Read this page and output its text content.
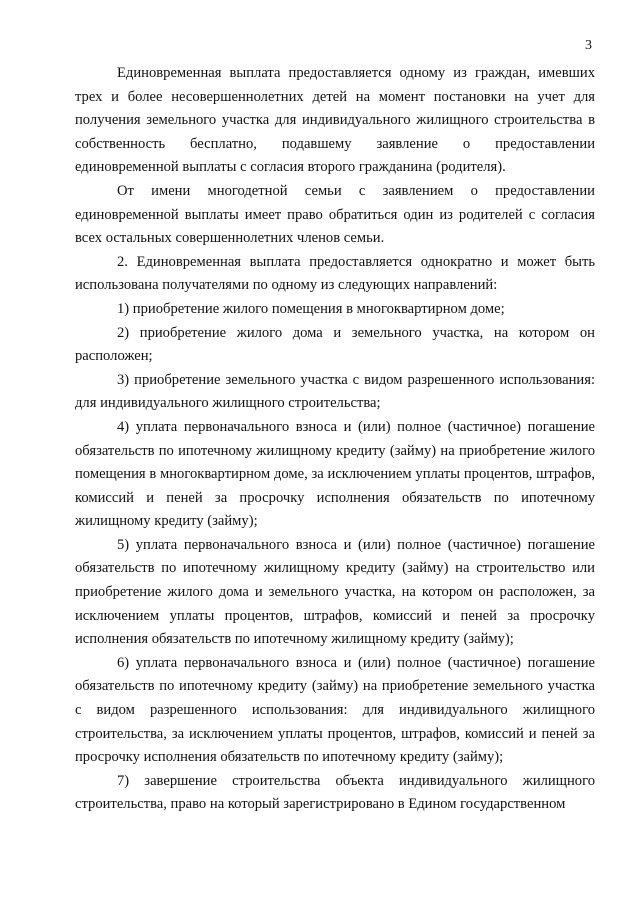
3

Единовременная выплата предоставляется одному из граждан, имевших трех и более несовершеннолетних детей на момент постановки на учет для получения земельного участка для индивидуального жилищного строительства в собственность бесплатно, подавшему заявление о предоставлении единовременной выплаты с согласия второго гражданина (родителя).

От имени многодетной семьи с заявлением о предоставлении единовременной выплаты имеет право обратиться один из родителей с согласия всех остальных совершеннолетних членов семьи.

2. Единовременная выплата предоставляется однократно и может быть использована получателями по одному из следующих направлений:

1) приобретение жилого помещения в многоквартирном доме;

2) приобретение жилого дома и земельного участка, на котором он расположен;

3) приобретение земельного участка с видом разрешенного использования: для индивидуального жилищного строительства;

4) уплата первоначального взноса и (или) полное (частичное) погашение обязательств по ипотечному жилищному кредиту (займу) на приобретение жилого помещения в многоквартирном доме, за исключением уплаты процентов, штрафов, комиссий и пеней за просрочку исполнения обязательств по ипотечному жилищному кредиту (займу);

5) уплата первоначального взноса и (или) полное (частичное) погашение обязательств по ипотечному жилищному кредиту (займу) на строительство или приобретение жилого дома и земельного участка, на котором он расположен, за исключением уплаты процентов, штрафов, комиссий и пеней за просрочку исполнения обязательств по ипотечному жилищному кредиту (займу);

6) уплата первоначального взноса и (или) полное (частичное) погашение обязательств по ипотечному кредиту (займу) на приобретение земельного участка с видом разрешенного использования: для индивидуального жилищного строительства, за исключением уплаты процентов, штрафов, комиссий и пеней за просрочку исполнения обязательств по ипотечному кредиту (займу);

7) завершение строительства объекта индивидуального жилищного строительства, право на который зарегистрировано в Едином государственном
